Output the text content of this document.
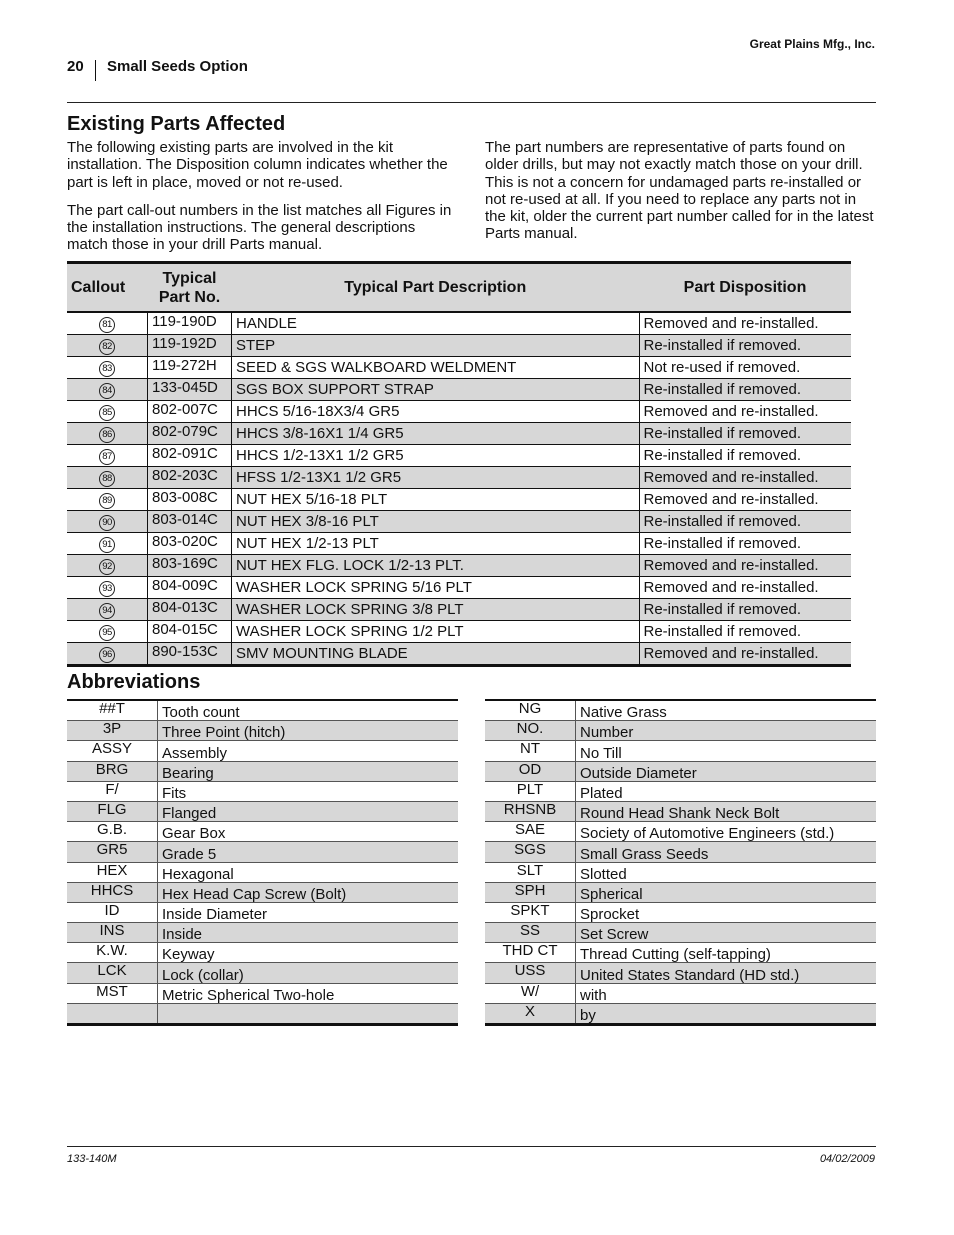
Great Plains Mfg., Inc.
20 Small Seeds Option
Existing Parts Affected

The following existing parts are involved in the kit installation. The Disposition column indicates whether the part is left in place, moved or not re-used.

The part call-out numbers in the list matches all Figures in the installation instructions. The general descriptions match those in your drill Parts manual.

The part numbers are representative of parts found on older drills, but may not exactly match those on your drill. This is not a concern for undamaged parts re-installed or not re-used at all. If you need to replace any parts not in the kit, older the current part number called for in the latest Parts manual.

Callout	Typical Part No.	Typical Part Description	Part Disposition
81	119-190D	HANDLE	Removed and re-installed.
82	119-192D	STEP	Re-installed if removed.
83	119-272H	SEED & SGS WALKBOARD WELDMENT	Not re-used if removed.
84	133-045D	SGS BOX SUPPORT STRAP	Re-installed if removed.
85	802-007C	HHCS 5/16-18X3/4 GR5	Removed and re-installed.
86	802-079C	HHCS 3/8-16X1 1/4 GR5	Re-installed if removed.
87	802-091C	HHCS 1/2-13X1 1/2 GR5	Re-installed if removed.
88	802-203C	HFSS 1/2-13X1 1/2 GR5	Removed and re-installed.
89	803-008C	NUT HEX 5/16-18 PLT	Removed and re-installed.
90	803-014C	NUT HEX 3/8-16 PLT	Re-installed if removed.
91	803-020C	NUT HEX 1/2-13 PLT	Re-installed if removed.
92	803-169C	NUT HEX FLG. LOCK 1/2-13 PLT.	Removed and re-installed.
93	804-009C	WASHER LOCK SPRING 5/16 PLT	Removed and re-installed.
94	804-013C	WASHER LOCK SPRING 3/8 PLT	Re-installed if removed.
95	804-015C	WASHER LOCK SPRING 1/2 PLT	Re-installed if removed.
96	890-153C	SMV MOUNTING BLADE	Removed and re-installed.
Abbreviations
##T	Tooth count
3P	Three Point (hitch)
ASSY	Assembly
BRG	Bearing
F/	Fits
FLG	Flanged
G.B.	Gear Box
GR5	Grade 5
HEX	Hexagonal
HHCS	Hex Head Cap Screw (Bolt)
ID	Inside Diameter
INS	Inside
K.W.	Keyway
LCK	Lock (collar)
MST	Metric Spherical Two-hole

NG	Native Grass
NO.	Number
NT	No Till
OD	Outside Diameter
PLT	Plated
RHSNB	Round Head Shank Neck Bolt
SAE	Society of Automotive Engineers (std.)
SGS	Small Grass Seeds
SLT	Slotted
SPH	Spherical
SPKT	Sprocket
SS	Set Screw
THD CT	Thread Cutting (self-tapping)
USS	United States Standard (HD std.)
W/	with
X	by
133-140M	04/02/2009
